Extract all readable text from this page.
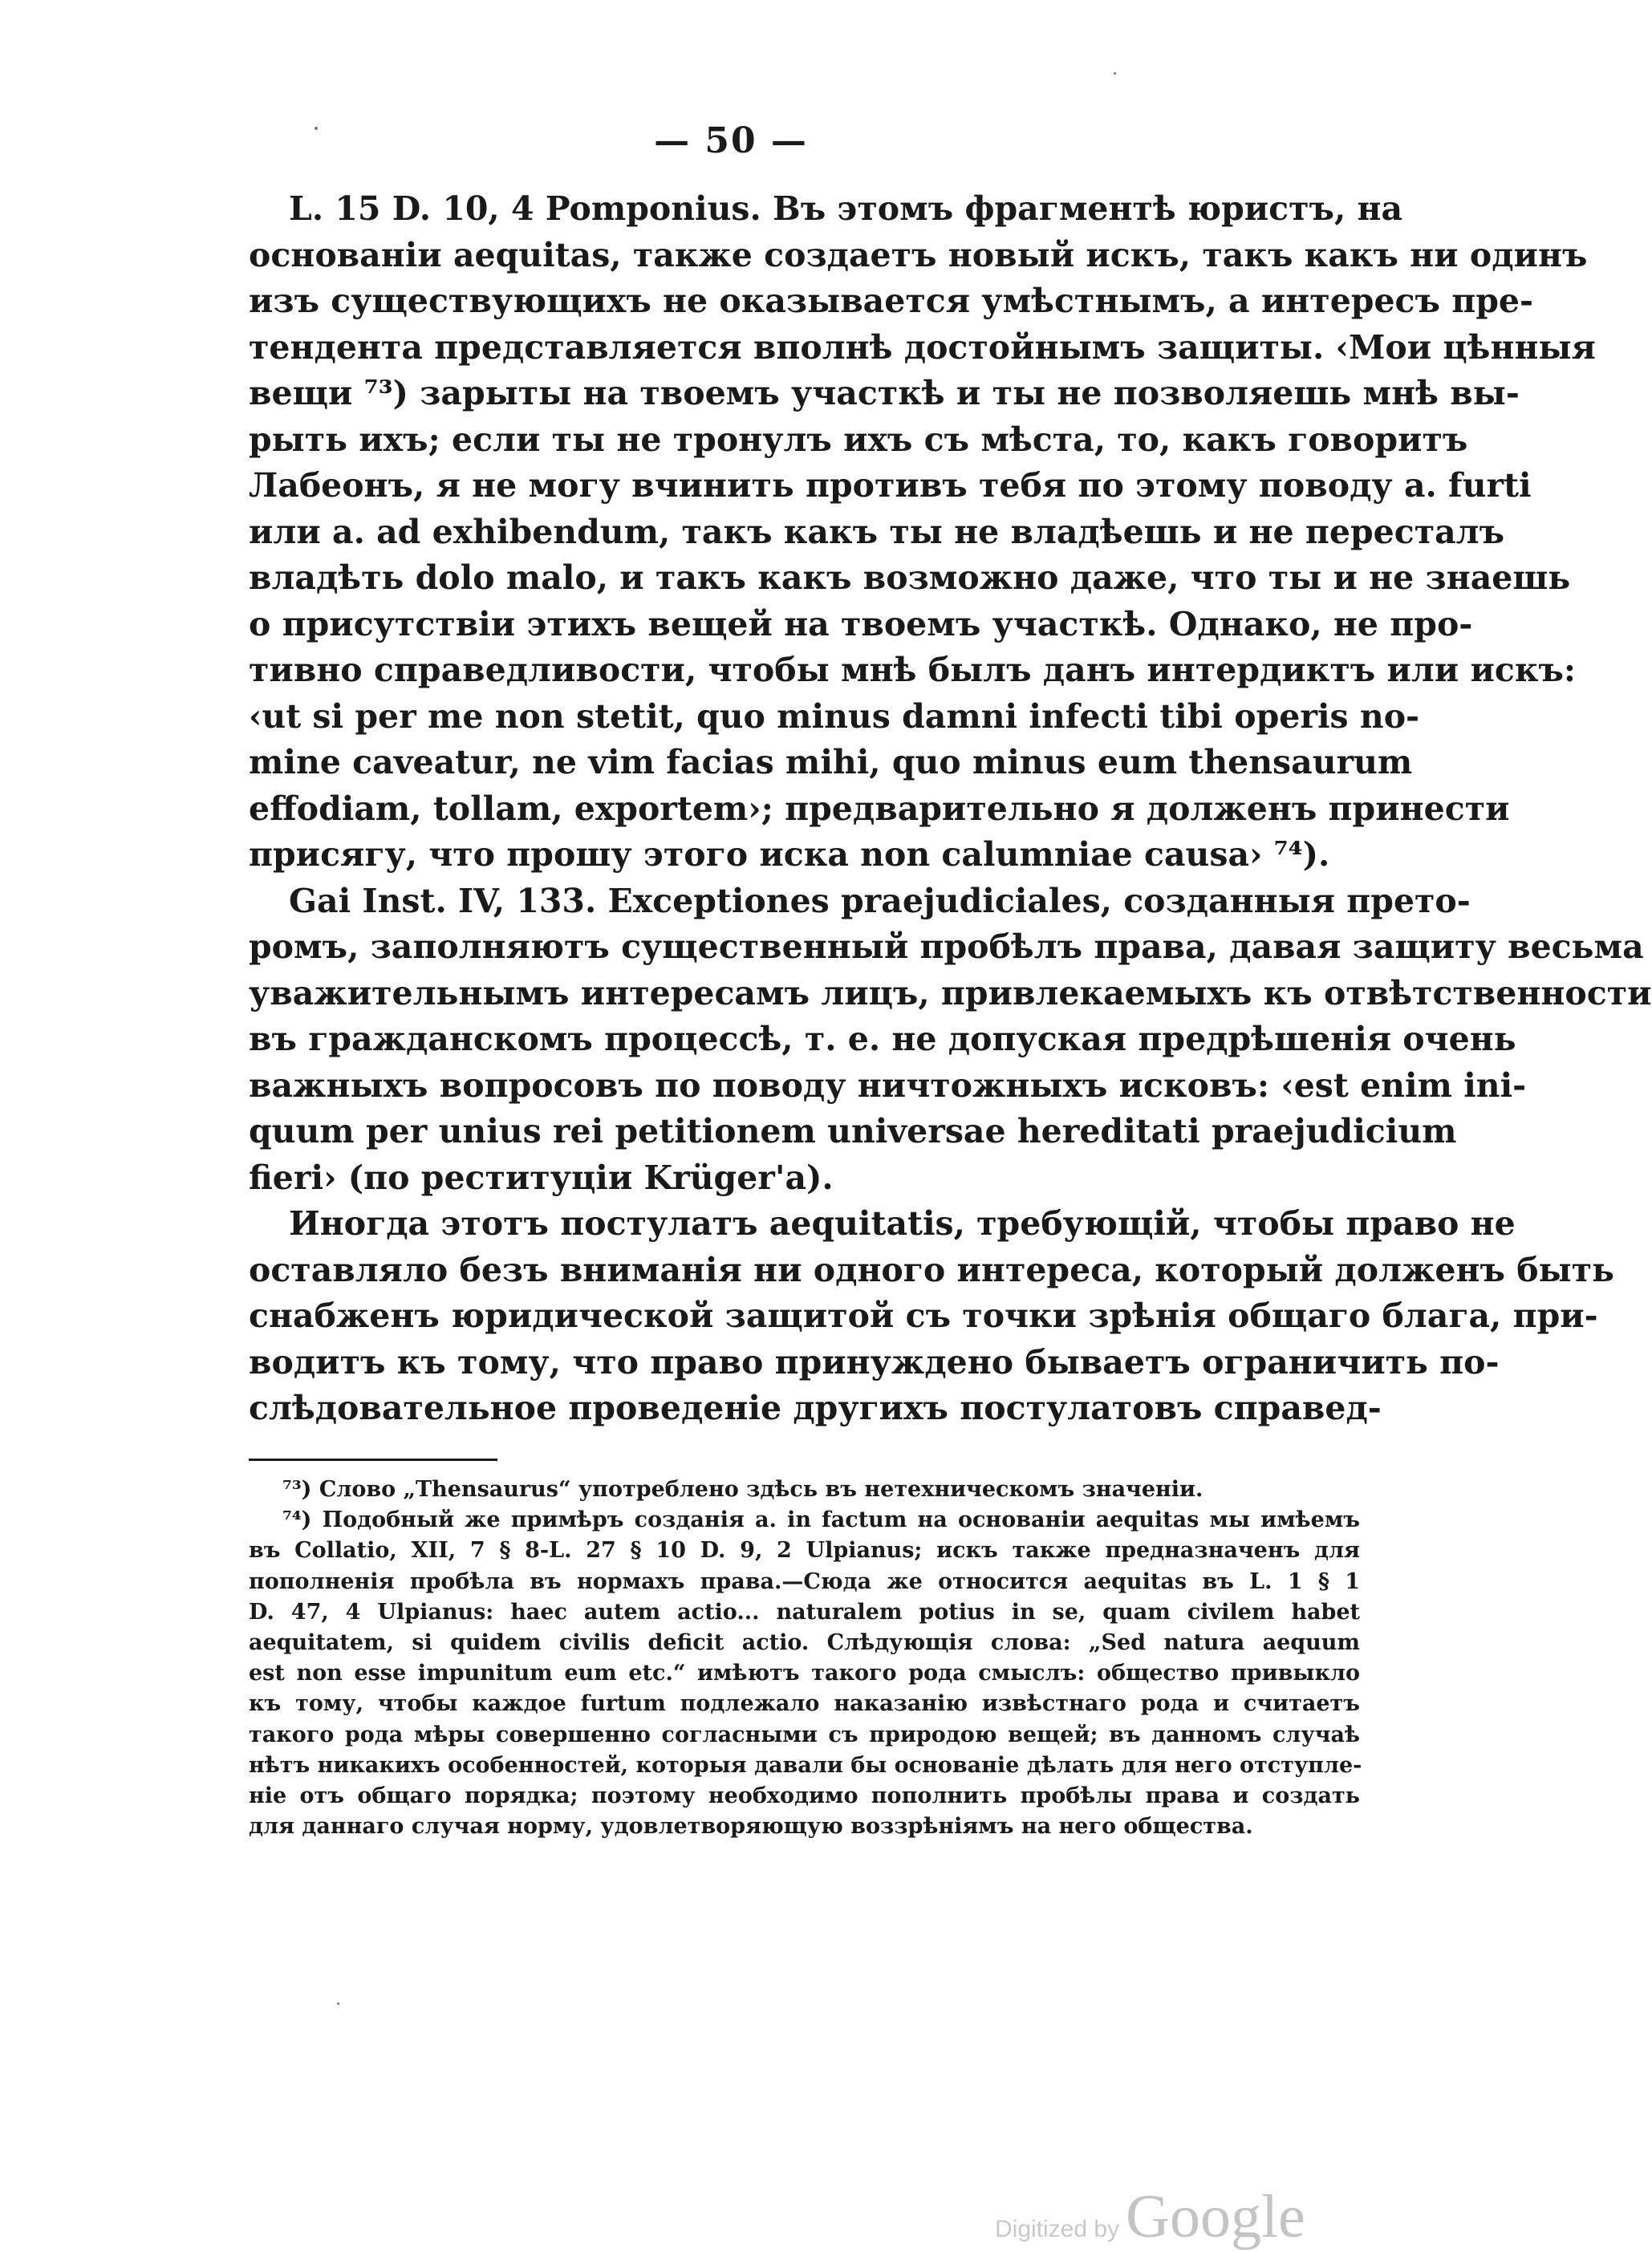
— 50 —
L. 15 D. 10, 4 Pomponius. Въ этомъ фрагментѣ юристъ, на
основаніи aequitas, также создаетъ новый искъ, такъ какъ ни одинъ
изъ существующихъ не оказывается умѣстнымъ, а интересъ пре-
тендента представляется вполнѣ достойнымъ защиты. ‹Мои цѣнныя
вещи ⁷³) зарыты на твоемъ участкѣ и ты не позволяешь мнѣ вы-
рыть ихъ; если ты не тронулъ ихъ съ мѣста, то, какъ говоритъ
Лабеонъ, я не могу вчинить противъ тебя по этому поводу a. furti
или a. ad exhibendum, такъ какъ ты не владѣешь и не пересталъ
владѣть dolo malo, и такъ какъ возможно даже, что ты и не знаешь
о присутствіи этихъ вещей на твоемъ участкѣ. Однако, не про-
тивно справедливости, чтобы мнѣ былъ данъ интердиктъ или искъ:
‹ut si per me non stetit, quo minus damni infecti tibi operis no-
mine caveatur, ne vim facias mihi, quo minus eum thensaurum
effodiam, tollam, exportem›; предварительно я долженъ принести
присягу, что прошу этого иска non calumniae causa› ⁷⁴).
Gai Inst. IV, 133. Exceptiones praejudiciales, созданныя прето-
ромъ, заполняютъ существенный пробѣлъ права, давая защиту весьма
уважительнымъ интересамъ лицъ, привлекаемыхъ къ отвѣтственности
въ гражданскомъ процессѣ, т. е. не допуская предрѣшенія очень
важныхъ вопросовъ по поводу ничтожныхъ исковъ: ‹est enim ini-
quum per unius rei petitionem universae hereditati praejudicium
fieri› (по реституціи Krüger'a).
Иногда этотъ постулатъ aequitatis, требующій, чтобы право не
оставляло безъ вниманія ни одного интереса, который долженъ быть
снабженъ юридической защитой съ точки зрѣнія общаго блага, при-
водитъ къ тому, что право принуждено бываетъ ограничить по-
слѣдовательное проведеніе другихъ постулатовъ справед-
⁷³) Слово „Thensaurus“ употреблено здѣсь въ нетехническомъ значеніи.
⁷⁴) Подобный же примѣръ созданія a. in factum на основаніи aequitas мы имѣемъ
въ Collatio, XII, 7 § 8-L. 27 § 10 D. 9, 2 Ulpianus; искъ также предназначенъ для
пополненія пробѣла въ нормахъ права.—Сюда же относится aequitas въ L. 1 § 1
D. 47, 4 Ulpianus: haec autem actio... naturalem potius in se, quam civilem habet
aequitatem, si quidem civilis deficit actio. Слѣдующія слова: „Sed natura aequum
est non esse impunitum eum etc.“ имѣютъ такого рода смыслъ: общество привыкло
къ тому, чтобы каждое furtum подлежало наказанію извѣстнаго рода и считаетъ
такого рода мѣры совершенно согласными съ природою вещей; въ данномъ случаѣ
нѣтъ никакихъ особенностей, которыя давали бы основаніе дѣлать для него отступле-
ніе отъ общаго порядка; поэтому необходимо пополнить пробѣлы права и создать
для даннаго случая норму, удовлетворяющую воззрѣніямъ на него общества.
Digitized by Google
